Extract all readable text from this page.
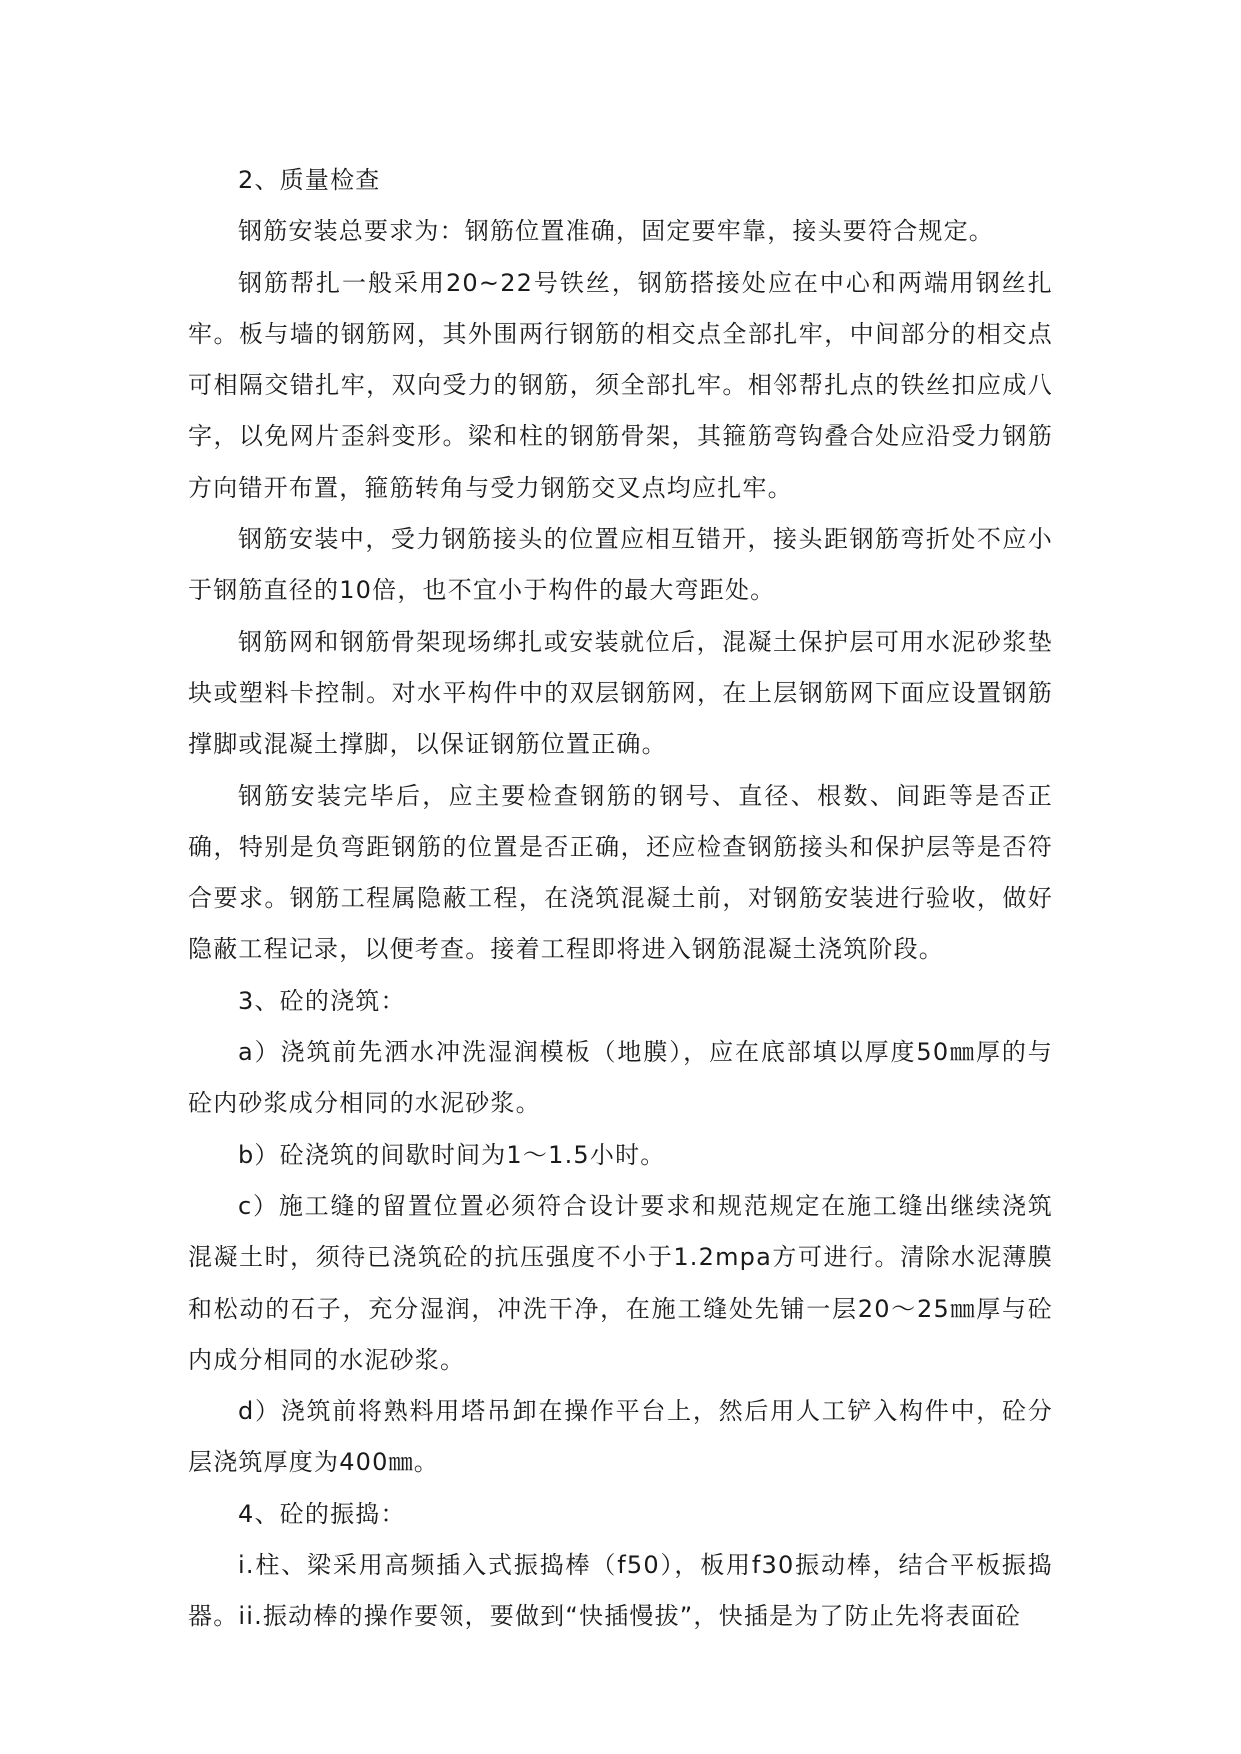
2、质量检查

钢筋安装总要求为：钢筋位置准确，固定要牢靠，接头要符合规定。

钢筋帮扎一般采用20~22号铁丝，钢筋搭接处应在中心和两端用钢丝扎牢。板与墙的钢筋网，其外围两行钢筋的相交点全部扎牢，中间部分的相交点可相隔交错扎牢，双向受力的钢筋，须全部扎牢。相邻帮扎点的铁丝扣应成八字，以免网片歪斜变形。梁和柱的钢筋骨架，其箍筋弯钩叠合处应沿受力钢筋方向错开布置，箍筋转角与受力钢筋交叉点均应扎牢。

钢筋安装中，受力钢筋接头的位置应相互错开，接头距钢筋弯折处不应小于钢筋直径的10倍，也不宜小于构件的最大弯距处。

钢筋网和钢筋骨架现场绑扎或安装就位后，混凝土保护层可用水泥砂浆垫块或塑料卡控制。对水平构件中的双层钢筋网，在上层钢筋网下面应设置钢筋撑脚或混凝土撑脚，以保证钢筋位置正确。

钢筋安装完毕后，应主要检查钢筋的钢号、直径、根数、间距等是否正确，特别是负弯距钢筋的位置是否正确，还应检查钢筋接头和保护层等是否符合要求。钢筋工程属隐蔽工程，在浇筑混凝土前，对钢筋安装进行验收，做好隐蔽工程记录，以便考查。接着工程即将进入钢筋混凝土浇筑阶段。

3、砼的浇筑：

a）浇筑前先洒水冲洗湿润模板（地膜），应在底部填以厚度50㎜厚的与砼内砂浆成分相同的水泥砂浆。

b）砼浇筑的间歇时间为1～1.5小时。

c）施工缝的留置位置必须符合设计要求和规范规定在施工缝出继续浇筑混凝土时，须待已浇筑砼的抗压强度不小于1.2mpa方可进行。清除水泥薄膜和松动的石子，充分湿润，冲洗干净，在施工缝处先铺一层20～25㎜厚与砼内成分相同的水泥砂浆。

d）浇筑前将熟料用塔吊卸在操作平台上，然后用人工铲入构件中，砼分层浇筑厚度为400㎜。

4、砼的振捣：

i.柱、梁采用高频插入式振捣棒（f50），板用f30振动棒，结合平板振捣器。ii.振动棒的操作要领，要做到“快插慢拔”，快插是为了防止先将表面砼
